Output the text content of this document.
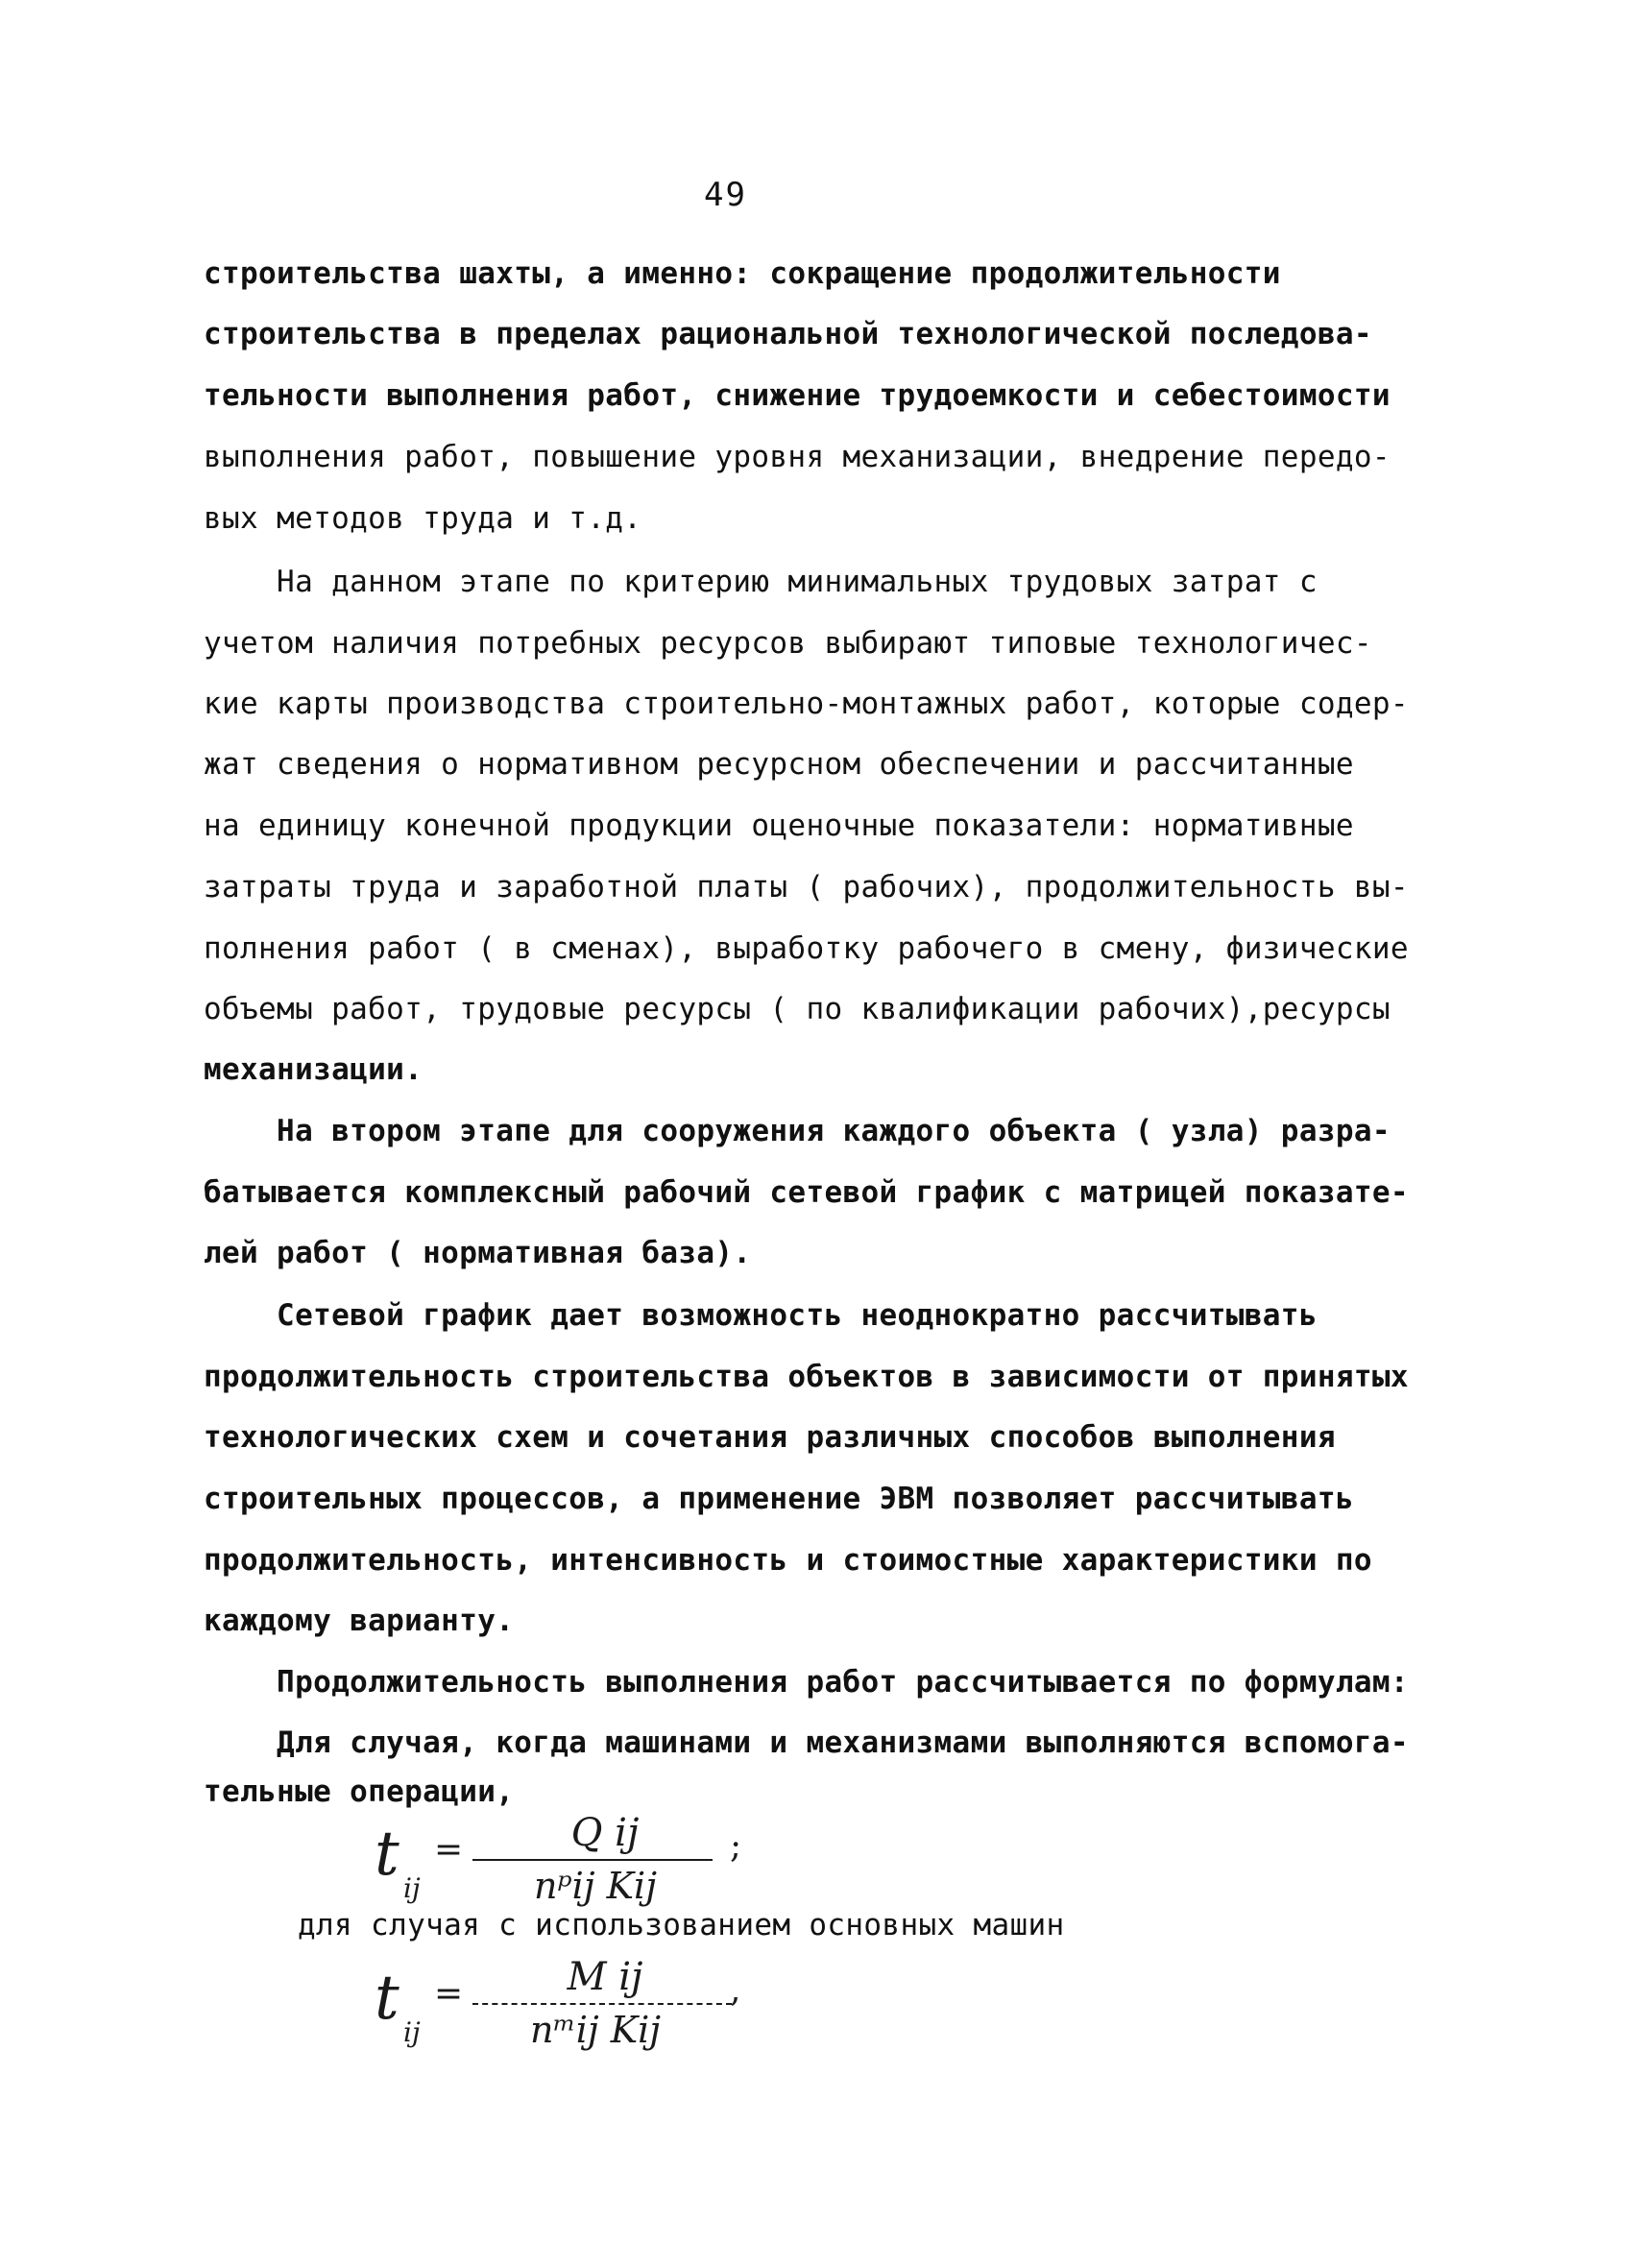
49
строительства шахты, а именно: сокращение продолжительности
строительства в пределах рациональной технологической последова-
тельности выполнения работ, снижение трудоемкости и себестоимости
выполнения работ, повышение уровня механизации, внедрение передо-
вых методов труда и т.д.
На данном этапе по критерию минимальных трудовых затрат с
учетом наличия потребных ресурсов выбирают типовые технологичес-
кие карты производства строительно-монтажных работ, которые содер-
жат сведения о нормативном ресурсном обеспечении и рассчитанные
на единицу конечной продукции оценочные показатели: нормативные
затраты труда и заработной платы ( рабочих), продолжительность вы-
полнения работ ( в сменах), выработку рабочего в смену, физические
объемы работ, трудовые ресурсы ( по квалификации рабочих),ресурсы
механизации.
На втором этапе для сооружения каждого объекта ( узла) разра-
батывается комплексный рабочий сетевой график с матрицей показате-
лей работ ( нормативная база).
Сетевой график дает возможность неоднократно рассчитывать
продолжительность строительства объектов в зависимости от принятых
технологических схем и сочетания различных способов выполнения
строительных процессов, а применение ЭВМ позволяет рассчитывать
продолжительность, интенсивность и стоимостные характеристики по
каждому варианту.
Продолжительность выполнения работ рассчитывается по формулам:
Для случая, когда машинами и механизмами выполняются вспомога-
тельные операции,
t ij
=	Q ij
nᵖij Kij
;
для случая с использованием основных машин
t ij
=	M ij
nᵐij Kij
,
